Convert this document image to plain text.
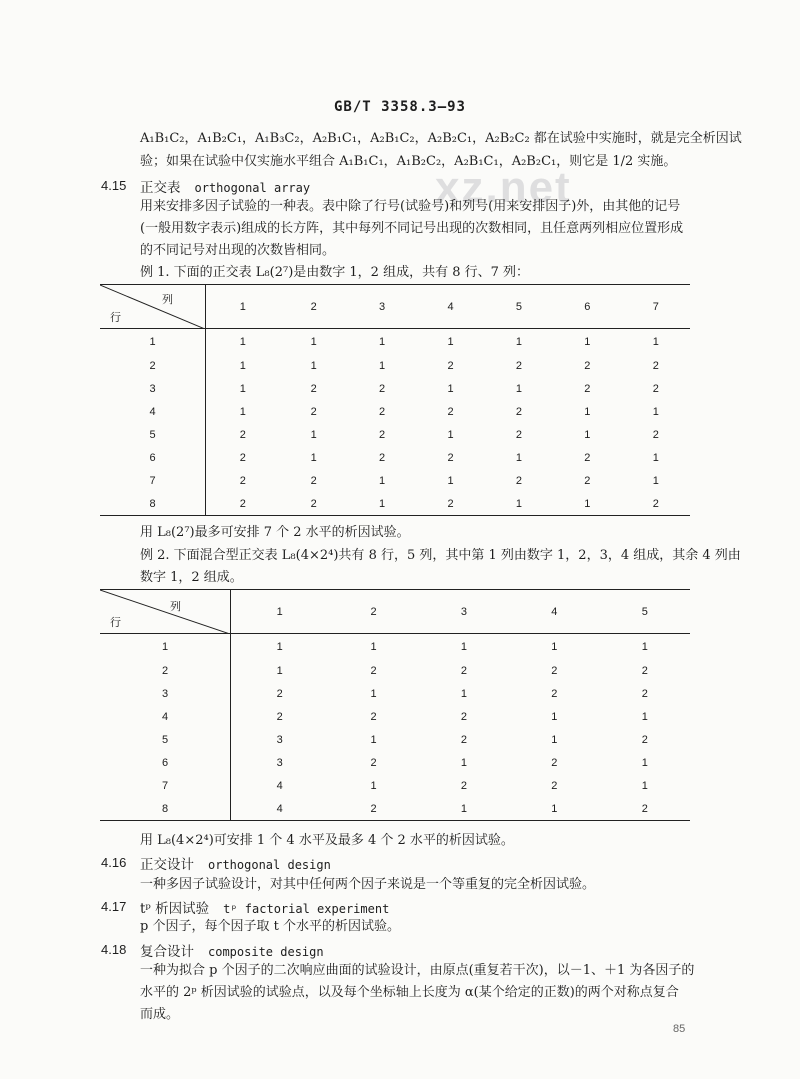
GB/T 3358.3—93
xz.net
A₁B₁C₂，A₁B₂C₁，A₁B₃C₂，A₂B₁C₁，A₂B₁C₂，A₂B₂C₁，A₂B₂C₂ 都在试验中实施时，就是完全析因试
验；如果在试验中仅实施水平组合 A₁B₁C₁，A₁B₂C₂，A₂B₁C₁，A₂B₂C₁，则它是 1/2 实施。
4.15 正交表 orthogonal array
用来安排多因子试验的一种表。表中除了行号(试验号)和列号(用来安排因子)外，由其他的记号
(一般用数字表示)组成的长方阵，其中每列不同记号出现的次数相同，且任意两列相应位置形成
的不同记号对出现的次数皆相同。
例 1. 下面的正交表 L₈(2⁷)是由数字 1，2 组成，共有 8 行、7 列：
列
行	1	2	3	4	5	6	7
1	1	1	1	1	1	1	1
2	1	1	1	2	2	2	2
3	1	2	2	1	1	2	2
4	1	2	2	2	2	1	1
5	2	1	2	1	2	1	2
6	2	1	2	2	1	2	1
7	2	2	1	1	2	2	1
8	2	2	1	2	1	1	2
用 L₈(2⁷)最多可安排 7 个 2 水平的析因试验。
例 2. 下面混合型正交表 L₈(4×2⁴)共有 8 行，5 列，其中第 1 列由数字 1，2，3，4 组成，其余 4 列由
数字 1，2 组成。
列
行	1	2	3	4	5
1	1	1	1	1	1
2	1	2	2	2	2
3	2	1	1	2	2
4	2	2	2	1	1
5	3	1	2	1	2
6	3	2	1	2	1
7	4	1	2	2	1
8	4	2	1	1	2
用 L₈(4×2⁴)可安排 1 个 4 水平及最多 4 个 2 水平的析因试验。
4.16 正交设计 orthogonal design
一种多因子试验设计，对其中任何两个因子来说是一个等重复的完全析因试验。
4.17 tᵖ 析因试验 tᵖ factorial experiment
p 个因子，每个因子取 t 个水平的析因试验。
4.18 复合设计 composite design
一种为拟合 p 个因子的二次响应曲面的试验设计，由原点(重复若干次)，以－1、＋1 为各因子的
水平的 2ᵖ 析因试验的试验点，以及每个坐标轴上长度为 α(某个给定的正数)的两个对称点复合
而成。
85
